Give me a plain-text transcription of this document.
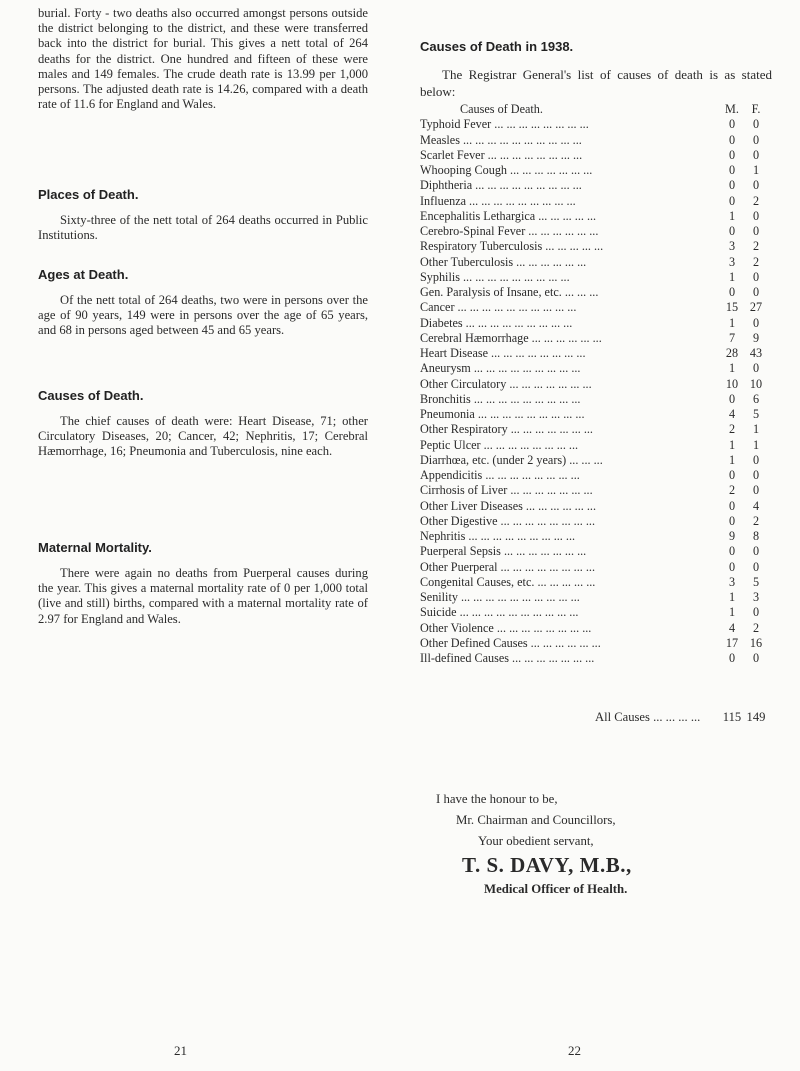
burial. Forty - two deaths also occurred amongst persons outside the district belonging to the district, and these were transferred back into the district for burial. This gives a nett total of 264 deaths for the district. One hundred and fifteen of these were males and 149 females. The crude death rate is 13.99 per 1,000 persons. The adjusted death rate is 14.26, compared with a death rate of 11.6 for England and Wales.

Places of Death.

Sixty-three of the nett total of 264 deaths occurred in Public Institutions.

Ages at Death.

Of the nett total of 264 deaths, two were in persons over the age of 90 years, 149 were in persons over the age of 65 years, and 68 in persons aged between 45 and 65 years.

Causes of Death.

The chief causes of death were: Heart Disease, 71; other Circulatory Diseases, 20; Cancer, 42; Nephritis, 17; Cerebral Hæmorrhage, 16; Pneumonia and Tuberculosis, nine each.

Maternal Mortality.

There were again no deaths from Puerperal causes during the year. This gives a maternal mortality rate of 0 per 1,000 total (live and still) births, compared with a maternal mortality rate of 2.97 for England and Wales.

21
Causes of Death in 1938.

The Registrar General's list of causes of death is as stated below:

Causes of Death.	M.	F.
Typhoid Fever ... ... ... ... ... ... ... ...	0	0
Measles ... ... ... ... ... ... ... ... ... ...	0	0
Scarlet Fever ... ... ... ... ... ... ... ...	0	0
Whooping Cough ... ... ... ... ... ... ...	0	1
Diphtheria ... ... ... ... ... ... ... ... ...	0	0
Influenza ... ... ... ... ... ... ... ... ...	0	2
Encephalitis Lethargica ... ... ... ... ...	1	0
Cerebro-Spinal Fever ... ... ... ... ... ...	0	0
Respiratory Tuberculosis ... ... ... ... ...	3	2
Other Tuberculosis ... ... ... ... ... ...	3	2
Syphilis ... ... ... ... ... ... ... ... ...	1	0
Gen. Paralysis of Insane, etc. ... ... ...	0	0
Cancer ... ... ... ... ... ... ... ... ... ...	15 27
Diabetes ... ... ... ... ... ... ... ... ...	1	0
Cerebral Hæmorrhage ... ... ... ... ... ...	7	9
Heart Disease ... ... ... ... ... ... ... ...	28 43
Aneurysm ... ... ... ... ... ... ... ... ...	1	0
Other Circulatory ... ... ... ... ... ... ...	10 10
Bronchitis ... ... ... ... ... ... ... ... ...	0	6
Pneumonia ... ... ... ... ... ... ... ... ...	4	5
Other Respiratory ... ... ... ... ... ... ...	2	1
Peptic Ulcer ... ... ... ... ... ... ... ...	1	1
Diarrhœa, etc. (under 2 years) ... ... ...	1	0
Appendicitis ... ... ... ... ... ... ... ...	0	0
Cirrhosis of Liver ... ... ... ... ... ... ...	2	0
Other Liver Diseases ... ... ... ... ... ...	0	4
Other Digestive ... ... ... ... ... ... ... ...	0	2
Nephritis ... ... ... ... ... ... ... ... ...	9	8
Puerperal Sepsis ... ... ... ... ... ... ...	0	0
Other Puerperal ... ... ... ... ... ... ... ...	0	0
Congenital Causes, etc. ... ... ... ... ...	3	5
Senility ... ... ... ... ... ... ... ... ... ...	1	3
Suicide ... ... ... ... ... ... ... ... ... ...	1	0
Other Violence ... ... ... ... ... ... ... ...	4	2
Other Defined Causes ... ... ... ... ... ...	17 16
Ill-defined Causes ... ... ... ... ... ... ...	0	0
All Causes ... ... ... ... 115 149
I have the honour to be,
Mr. Chairman and Councillors,
Your obedient servant,
T. S. DAVY, M.B.,
Medical Officer of Health.
22
